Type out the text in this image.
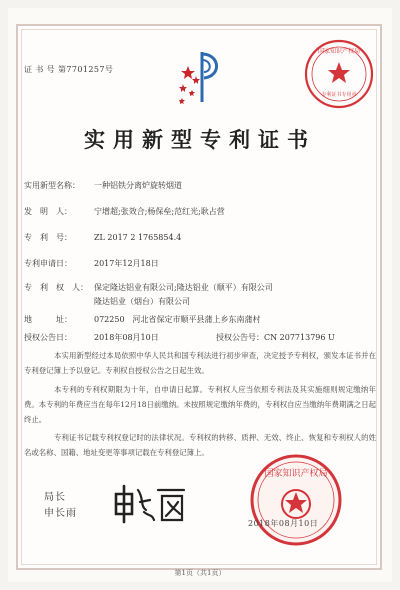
证 书 号 第7701257号
国家知识产权局
专利证书专用章
实用新型专利证书
实用新型名称： 一种铝铁分离炉旋转烟道
发　明　人：	宁增超;张效合;杨保垒;范红光;耿占营
专　利　号：	ZL 2017 2 1765854.4
专利申请日：	2017年12月18日
专　利　权　人： 保定隆达铝业有限公司;隆达铝业（顺平）有限公司
隆达铝业（烟台）有限公司
地　　　址：	072250　河北省保定市顺平县蒲上乡东南蒲村
授权公告日：	2018年08月10日	授权公告号：CN 207713796 U
本实用新型经过本局依照中华人民共和国专利法进行初步审查，决定授予专利权，颁发本证书并在专利登记簿上予以登记。专利权自授权公告之日起生效。
本专利的专利权期限为十年，自申请日起算。专利权人应当依照专利法及其实施细则规定缴纳年费。本专利的年费应当在每年12月18日前缴纳。未按照规定缴纳年费的，专利权自应当缴纳年费期满之日起终止。
专利证书记载专利权登记时的法律状况。专利权的转移、质押、无效、终止、恢复和专利权人的姓名或名称、国籍、地址变更等事项记载在专利登记簿上。
局长
申长雨
国家知识产权局
2018年08月10日
第1页（共1页）
